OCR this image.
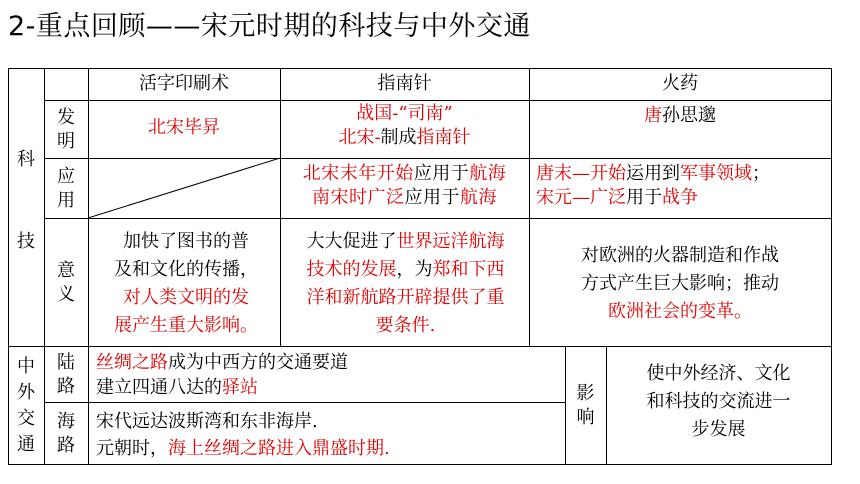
2-重点回顾——宋元时期的科技与中外交通
活字印刷术	指南针	火药
科
技
发
明
应
用
意
义
北宋毕昇
战国-“司南”
北宋-制成指南针
唐孙思邈
北宋末年开始应用于航海
南宋时广泛应用于航海
唐末—开始运用到军事领域；
宋元—广泛用于战争
加快了图书的普
及和文化的传播，
对人类文明的发
展产生重大影响。
大大促进了世界远洋航海
技术的发展，为郑和下西
洋和新航路开辟提供了重
要条件.
对欧洲的火器制造和作战
方式产生巨大影响；推动
欧洲社会的变革。
中
外
交
通
陆
路
海
路
丝绸之路成为中西方的交通要道
建立四通八达的驿站
宋代远达波斯湾和东非海岸.
元朝时，海上丝绸之路进入鼎盛时期.
影
响
使中外经济、文化
和科技的交流进一
步发展
